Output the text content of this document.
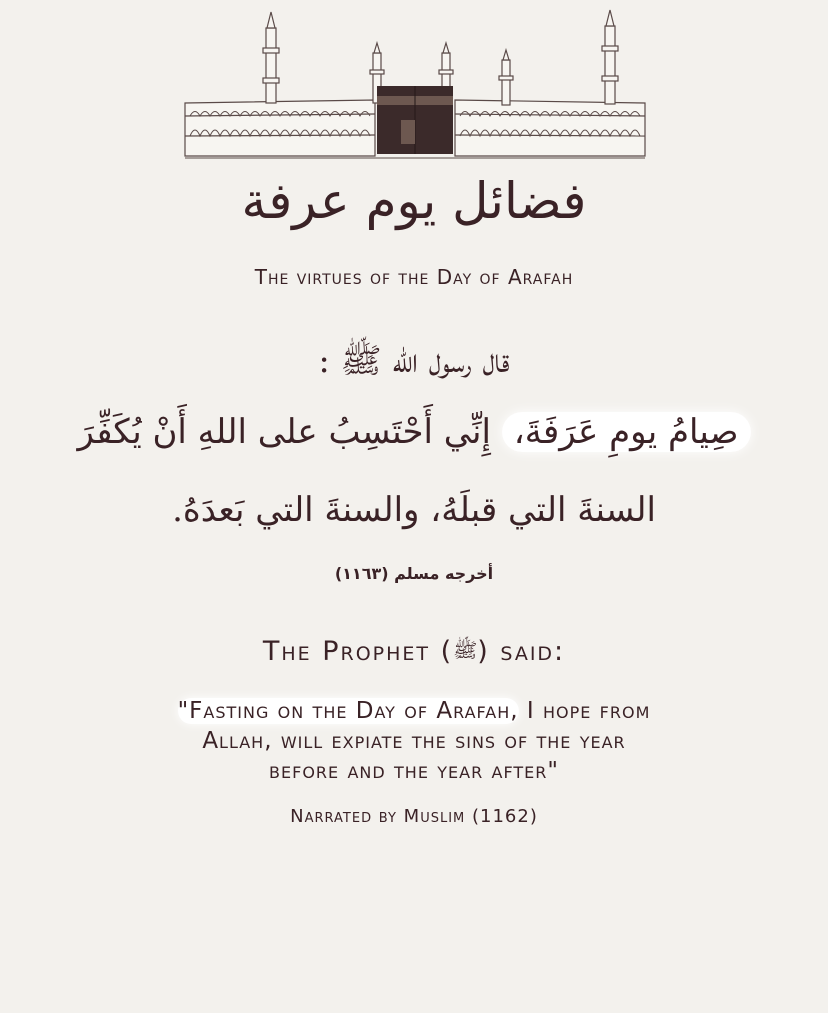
فضائل يوم عرفة
The virtues of the Day of Arafah
قال رسول الله ﷺ :
صِيامُ يومِ عَرَفَةَ، إِنِّي أَحْتَسِبُ على اللهِ أَنْ يُكَفِّرَ
السنةَ التي قبلَهُ، والسنةَ التي بَعدَهُ.
أخرجه مسلم (١١٦٣)
The Prophet (ﷺ) said:
"Fasting on the Day of Arafah, I hope from
Allah, will expiate the sins of the year
before and the year after"
Narrated by Muslim (1162)
